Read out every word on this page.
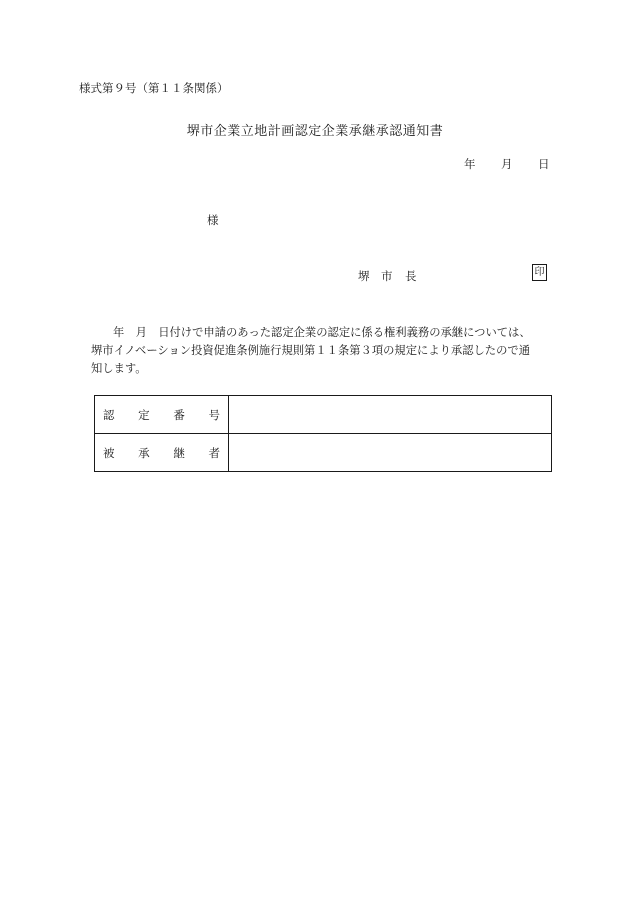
様式第９号（第１１条関係）
堺市企業立地計画認定企業承継承認通知書
年 月 日
様
堺 市 長	印
年　月　日付けで申請のあった認定企業の認定に係る権利義務の承継については、
堺市イノベーション投資促進条例施行規則第１１条第３項の規定により承認したので通
知します。
認 定 番 号	

被 承 継 者	
